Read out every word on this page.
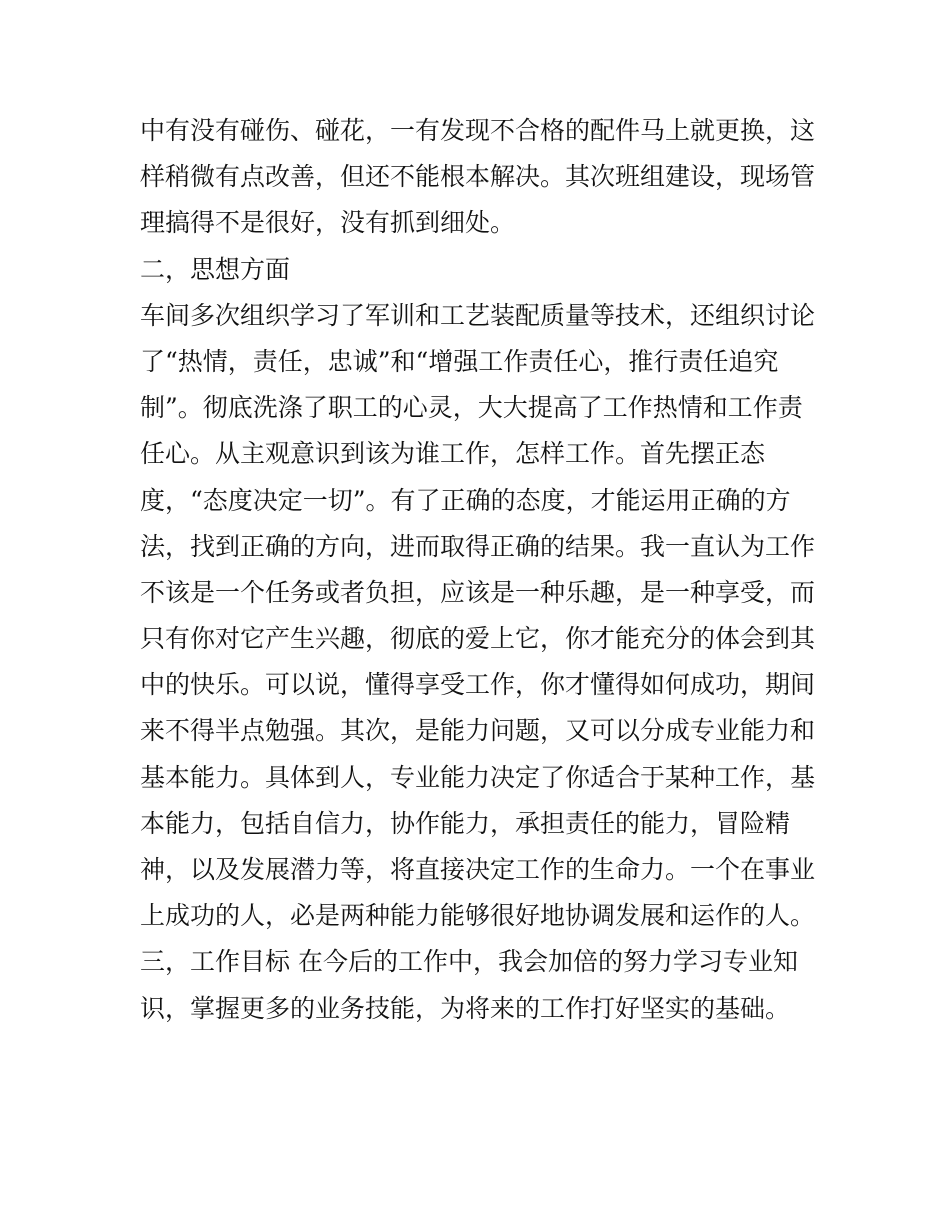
中有没有碰伤、碰花，一有发现不合格的配件马上就更换，这
样稍微有点改善，但还不能根本解决。其次班组建设，现场管
理搞得不是很好，没有抓到细处。
二，思想方面
车间多次组织学习了军训和工艺装配质量等技术，还组织讨论
了“热情，责任，忠诚”和“增强工作责任心，推行责任追究
制”。彻底洗涤了职工的心灵，大大提高了工作热情和工作责
任心。从主观意识到该为谁工作，怎样工作。首先摆正态
度，“态度决定一切”。有了正确的态度，才能运用正确的方
法，找到正确的方向，进而取得正确的结果。我一直认为工作
不该是一个任务或者负担，应该是一种乐趣，是一种享受，而
只有你对它产生兴趣，彻底的爱上它，你才能充分的体会到其
中的快乐。可以说，懂得享受工作，你才懂得如何成功，期间
来不得半点勉强。其次，是能力问题，又可以分成专业能力和
基本能力。具体到人，专业能力决定了你适合于某种工作，基
本能力，包括自信力，协作能力，承担责任的能力，冒险精
神，以及发展潜力等，将直接决定工作的生命力。一个在事业
上成功的人，必是两种能力能够很好地协调发展和运作的人。
三，工作目标 在今后的工作中，我会加倍的努力学习专业知
识，掌握更多的业务技能，为将来的工作打好坚实的基础。
